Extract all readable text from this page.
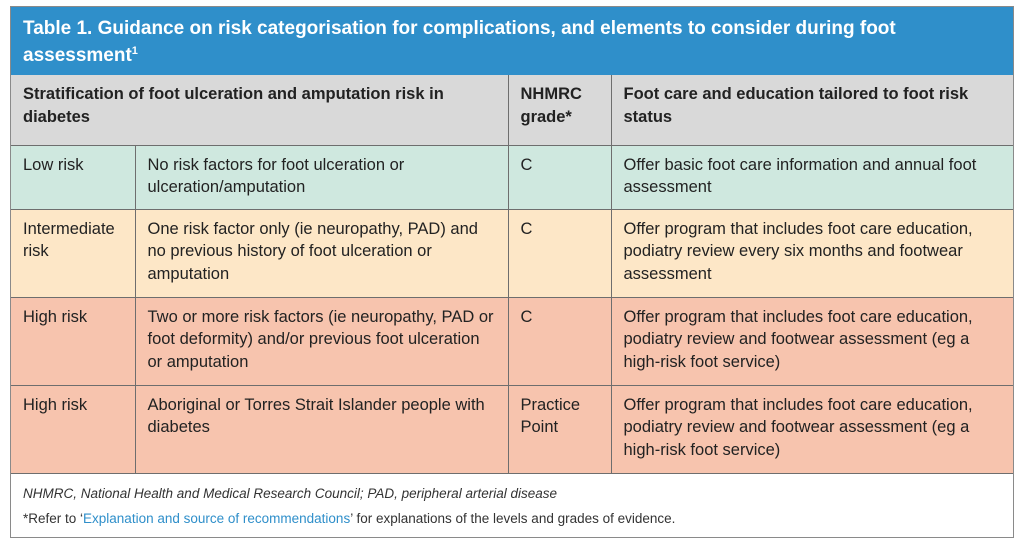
Table 1. Guidance on risk categorisation for complications, and elements to consider during foot assessment$^1$
Stratification of foot ulceration and amputation risk in diabetes		NHMRC grade*	Foot care and education tailored to foot risk status
Low risk	No risk factors for foot ulceration or ulceration/amputation	C	Offer basic foot care information and annual foot assessment
Intermediate risk	One risk factor only (ie neuropathy, PAD) and no previous history of foot ulceration or amputation	C	Offer program that includes foot care education, podiatry review every six months and footwear assessment
High risk	Two or more risk factors (ie neuropathy, PAD or foot deformity) and/or previous foot ulceration or amputation	C	Offer program that includes foot care education, podiatry review and footwear assessment (eg a high-risk foot service)
High risk	Aboriginal or Torres Strait Islander people with diabetes	Practice Point	Offer program that includes foot care education, podiatry review and footwear assessment (eg a high-risk foot service)
NHMRC, National Health and Medical Research Council; PAD, peripheral arterial disease
*Refer to ‘Explanation and source of recommendations’ for explanations of the levels and grades of evidence.
